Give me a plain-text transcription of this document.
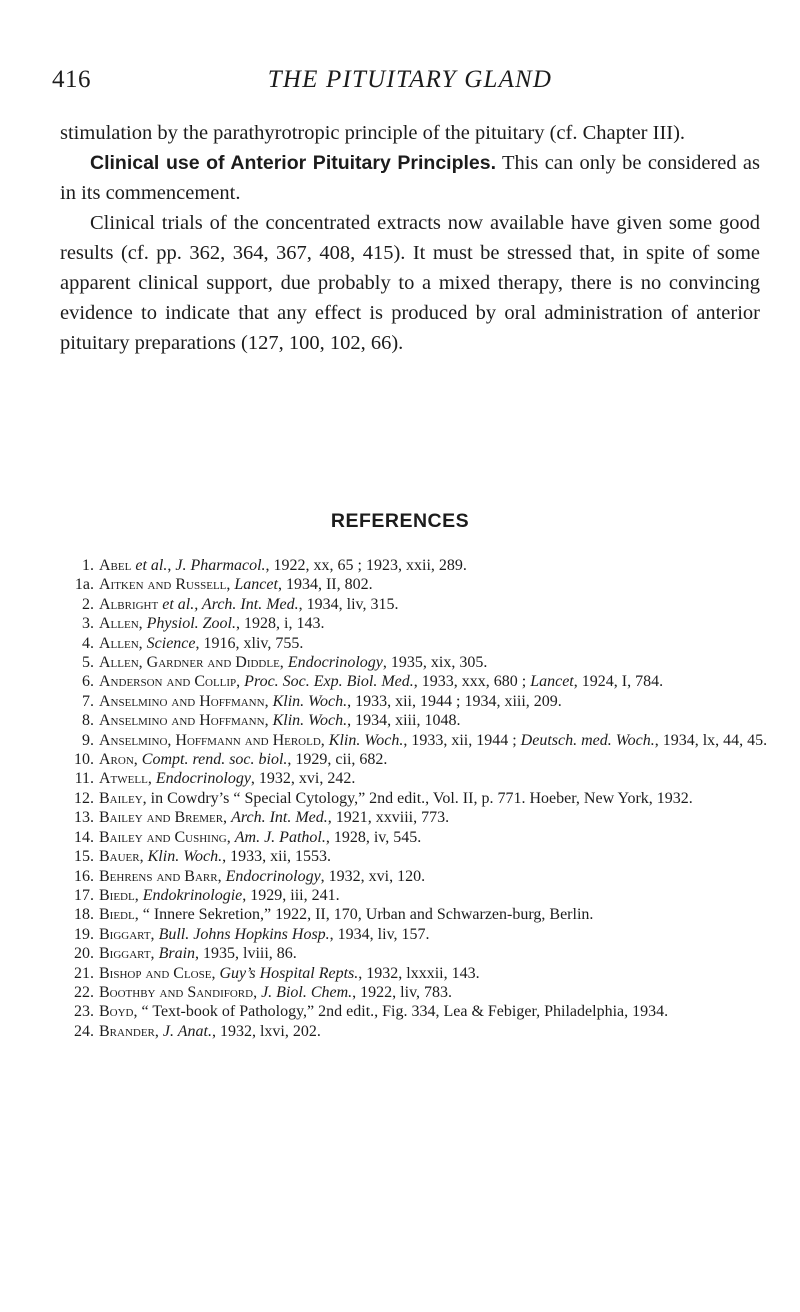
416	THE PITUITARY GLAND

stimulation by the parathyrotropic principle of the pituitary (cf. Chapter III).

Clinical use of Anterior Pituitary Principles. This can only be considered as in its commencement.

Clinical trials of the concentrated extracts now available have given some good results (cf. pp. 362, 364, 367, 408, 415). It must be stressed that, in spite of some apparent clinical support, due probably to a mixed therapy, there is no convincing evidence to indicate that any effect is produced by oral administration of anterior pituitary preparations (127, 100, 102, 66).

REFERENCES
1. Abel et al., J. Pharmacol., 1922, xx, 65 ; 1923, xxii, 289.
1a. Aitken and Russell, Lancet, 1934, II, 802.
2. Albright et al., Arch. Int. Med., 1934, liv, 315.
3. Allen, Physiol. Zool., 1928, i, 143.
4. Allen, Science, 1916, xliv, 755.
5. Allen, Gardner and Diddle, Endocrinology, 1935, xix, 305.
6. Anderson and Collip, Proc. Soc. Exp. Biol. Med., 1933, xxx, 680 ; Lancet, 1924, I, 784.
7. Anselmino and Hoffmann, Klin. Woch., 1933, xii, 1944 ; 1934, xiii, 209.
8. Anselmino and Hoffmann, Klin. Woch., 1934, xiii, 1048.
9. Anselmino, Hoffmann and Herold, Klin. Woch., 1933, xii, 1944 ; Deutsch. med. Woch., 1934, lx, 44, 45.
10. Aron, Compt. rend. soc. biol., 1929, cii, 682.
11. Atwell, Endocrinology, 1932, xvi, 242.
12. Bailey, in Cowdry’s “ Special Cytology,” 2nd edit., Vol. II, p. 771. Hoeber, New York, 1932.
13. Bailey and Bremer, Arch. Int. Med., 1921, xxviii, 773.
14. Bailey and Cushing, Am. J. Pathol., 1928, iv, 545.
15. Bauer, Klin. Woch., 1933, xii, 1553.
16. Behrens and Barr, Endocrinology, 1932, xvi, 120.
17. Biedl, Endokrinologie, 1929, iii, 241.
18. Biedl, “ Innere Sekretion,” 1922, II, 170, Urban and Schwarzen-burg, Berlin.
19. Biggart, Bull. Johns Hopkins Hosp., 1934, liv, 157.
20. Biggart, Brain, 1935, lviii, 86.
21. Bishop and Close, Guy’s Hospital Repts., 1932, lxxxii, 143.
22. Boothby and Sandiford, J. Biol. Chem., 1922, liv, 783.
23. Boyd, “ Text-book of Pathology,” 2nd edit., Fig. 334, Lea & Febiger, Philadelphia, 1934.
24. Brander, J. Anat., 1932, lxvi, 202.
